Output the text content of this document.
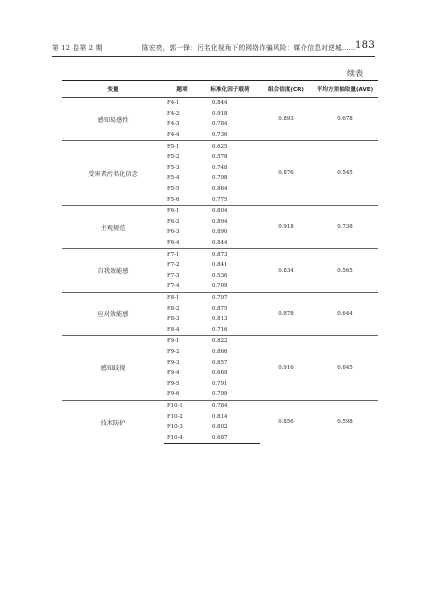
第 12 卷第 2 期	陈宏亮，郭一锋：污名化视角下的网络诈骗风险：媒介信息对逆城…… 183
续表
变量	题项	标准化因子载荷	组合信度(CR)	平均方差抽取量(AVE)
感知易感性	F4-1	0.844	0.893	0.678
	F4-2	0.918		
	F4-3	0.784		
	F4-4	0.736		
受害者污名化信念	F5-1	0.625	0.876	0.545
	F5-2	0.578		
	F5-3	0.748		
	F5-4	0.798		
	F5-5	0.864		
	F5-6	0.775		
主观规范	F6-1	0.804	0.918	0.738
	F6-2	0.894		
	F6-3	0.890		
	F6-4	0.844		
自我效能感	F7-1	0.873	0.834	0.565
	F7-2	0.841		
	F7-3	0.536		
	F7-4	0.709		
应对效能感	F8-1	0.797	0.878	0.644
	F8-2	0.875		
	F8-3	0.813		
	F8-4	0.716		
感知歧视	F9-1	0.822	0.916	0.645
	F9-2	0.866		
	F9-3	0.857		
	F9-4	0.669		
	F9-5	0.791		
	F9-6	0.799		
技术防护	F10-1	0.784	0.856	0.598
	F10-2	0.814		
	F10-3	0.802		
	F10-4	0.687		
